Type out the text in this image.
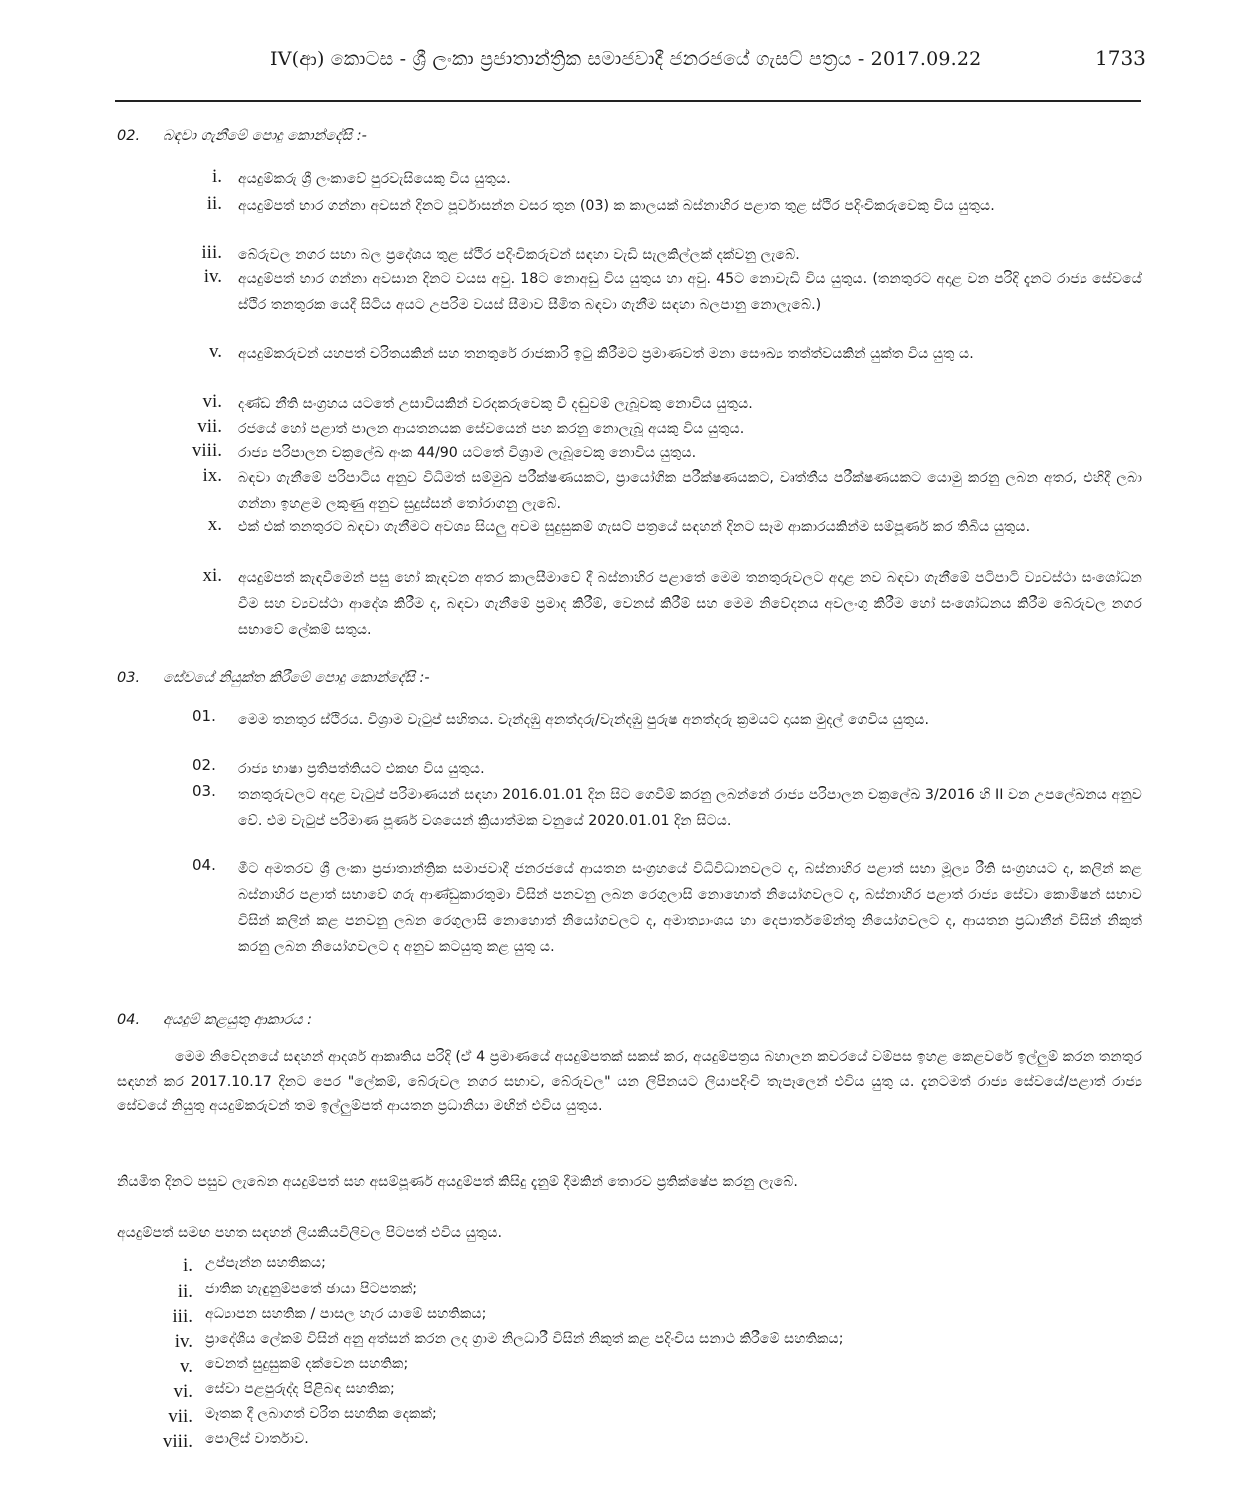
IV(ආ) කොටස - ශ්‍රී ලංකා ප්‍රජාතාන්ත්‍රික සමාජවාදී ජනරජයේ ගැසට් පත්‍රය - 2017.09.22	1733
02. බඳවා ගැනීමේ පොදු කොන්දේසි :-
i. අයදුම්කරු ශ්‍රී ලංකාවේ පුරවැසියෙකු විය යුතුය.
ii. අයදුම්පත් භාර ගන්නා අවසන් දිනට පූර්වාසන්න වසර තුන (03) ක කාලයක් බස්නාහිර පළාත තුළ ස්ථිර පදිංචිකරුවෙකු විය යුතුය.
iii. බේරුවල නගර සභා බල ප්‍රදේශය තුළ ස්ථිර පදිංචිකරුවන් සඳහා වැඩි සැලකිල්ලක් දක්වනු ලැබේ.
iv. අයදුම්පත් භාර ගන්නා අවසාන දිනට වයස අවු. 18ට නොඅඩු විය යුතුය හා අවු. 45ට නොවැඩි විය යුතුය. (තනතුරට අදාළ වන පරිදි දැනට රාජ්‍ය සේවයේ ස්ථිර තනතුරක යෙදී සිටිය අයට උපරිම වයස් සීමාව සීමිත බඳවා ගැනීම සඳහා බලපානු නොලැබේ.)
v. අයදුම්කරුවන් යහපත් චරිතයකින් සහ තනතුරේ රාජකාරි ඉටු කිරීමට ප්‍රමාණවත් මනා සෞඛ්‍ය තත්ත්වයකින් යුක්ත විය යුතු ය.
vi. දණ්ඩ නීති සංග්‍රහය යටතේ උසාවියකින් වරදකරුවෙකු වී දඬුවම් ලැබූවකු නොවිය යුතුය.
vii. රජයේ හෝ පළාත් පාලන ආයතනයක සේවයෙන් පහ කරනු නොලැබූ අයකු විය යුතුය.
viii. රාජ්‍ය පරිපාලන චක්‍රලේඛ අංක 44/90 යටතේ විශ්‍රාම ලැබූවෙකු නොවිය යුතුය.
ix. බඳවා ගැනීමේ පරිපාටිය අනුව විධිමත් සම්මුඛ පරීක්ෂණයකට, ප්‍රායෝගික පරීක්ෂණයකට, වෘත්තීය පරීක්ෂණයකට යොමු කරනු ලබන අතර, එහිදී ලබා ගන්නා ඉහළම ලකුණු අනුව සුදුස්සන් තෝරාගනු ලැබේ.
x. එක් එක් තනතුරට බඳවා ගැනීමට අවශ්‍ය සියලු අවම සුදුසුකම් ගැසට් පත්‍රයේ සඳහන් දිනට සෑම ආකාරයකින්ම සම්පූර්ණ කර තිබිය යුතුය.
xi. අයදුම්පත් කැඳවීමෙන් පසු හෝ කැඳවන අතර කාලසීමාවේ දී බස්නාහිර පළාතේ මෙම තනතුරුවලට අදාළ නව බඳවා ගැනීමේ පටිපාටි ව්‍යවස්ථා සංශෝධන වීම සහ ව්‍යවස්ථා ආදේශ කිරීම ද, බඳවා ගැනීමේ ප්‍රමාද කිරීම්, වෙනස් කිරීම් සහ මෙම නිවේදනය අවලංගු කිරීම හෝ සංශෝධනය කිරීම බේරුවල නගර සභාවේ ලේකම් සතුය.
03. සේවයේ නියුක්ත කිරීමේ පොදු කොන්දේසි :-
01. මෙම තනතුර ස්ථිරය. විශ්‍රාම වැටුප් සහිතය. වැන්දඹු අනත්දරු/වැන්දඹු පුරුෂ අනත්දරු ක්‍රමයට දායක මුදල් ගෙවිය යුතුය.
02. රාජ්‍ය භාෂා ප්‍රතිපත්තියට එකඟ විය යුතුය.
03. තනතුරුවලට අදාළ වැටුප් පරිමාණයන් සඳහා 2016.01.01 දින සිට ගෙවීම් කරනු ලබන්නේ රාජ්‍ය පරිපාලන චක්‍රලේඛ 3/2016 හි II වන උපලේඛනය අනුව වේ. එම වැටුප් පරිමාණ පූර්ණ වශයෙන් ක්‍රියාත්මක වනුයේ 2020.01.01 දින සිටය.
04. මීට අමතරව ශ්‍රී ලංකා ප්‍රජාතාන්ත්‍රික සමාජවාදී ජනරජයේ ආයතන සංග්‍රහයේ විධිවිධානවලට ද, බස්නාහිර පළාත් සභා මූල්‍ය රීති සංග්‍රහයට ද, කලින් කළ බස්නාහිර පළාත් සභාවේ ගරු ආණ්ඩුකාරතුමා විසින් පනවනු ලබන රෙගුලාසි නොහොත් නියෝගවලට ද, බස්නාහිර පළාත් රාජ්‍ය සේවා කොමිෂන් සභාව විසින් කලින් කළ පනවනු ලබන රෙගුලාසි නොහොත් නියෝගවලට ද, අමාත්‍යාංශය හා දෙපාර්තමේන්තු නියෝගවලට ද, ආයතන ප්‍රධානීන් විසින් නිකුත් කරනු ලබන නියෝගවලට ද අනුව කටයුතු කළ යුතු ය.
04. අයදුම් කළයුතු ආකාරය :
මෙම නිවේදනයේ සඳහන් ආදර්ශ ආකෘතිය පරිදි (ඒ 4 ප්‍රමාණයේ අයදුම්පතක් සකස් කර, අයදුම්පත්‍රය බහාලන කවරයේ වම්පස ඉහළ කෙළවරේ ඉල්ලුම් කරන තනතුර සඳහන් කර 2017.10.17 දිනට පෙර "ලේකම්, බේරුවල නගර සභාව, බේරුවල" යන ලිපිනයට ලියාපදිංචි තැපෑලෙන් එවිය යුතු ය. දැනටමත් රාජ්‍ය සේවයේ/පළාත් රාජ්‍ය සේවයේ නියුතු අයදුම්කරුවන් තම ඉල්ලුම්පත් ආයතන ප්‍රධානියා මඟින් එවිය යුතුය.
නියමිත දිනට පසුව ලැබෙන අයදුම්පත් සහ අසම්පූර්ණ අයදුම්පත් කිසිදු දැනුම් දීමකින් තොරව ප්‍රතික්ෂේප කරනු ලැබේ.
අයදුම්පත් සමඟ පහත සඳහන් ලියකියවිලිවල පිටපත් එවිය යුතුය.
i. උප්පැන්න සහතිකය;
ii. ජාතික හැඳුනුම්පතේ ඡායා පිටපතක්;
iii. අධ්‍යාපන සහතික / පාසල හැර යාමේ සහතිකය;
iv. ප්‍රාදේශීය ලේකම් විසින් අනු අත්සන් කරන ලද ග්‍රාම නිලධාරී විසින් නිකුත් කළ පදිංචිය සනාථ කිරීමේ සහතිකය;
v. වෙනත් සුදුසුකම් දක්වෙන සහතික;
vi. සේවා පළපුරුද්ද පිළිබඳ සහතික;
vii. මෑතක දී ලබාගත් චරිත සහතික දෙකක්;
viii. පොලිස් වාර්තාව.
